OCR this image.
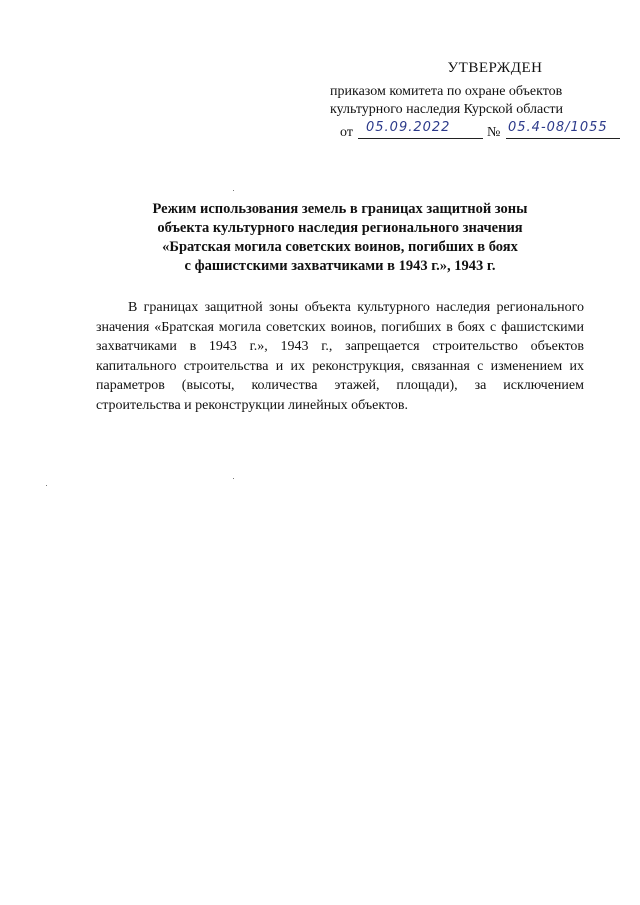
УТВЕРЖДЕН

приказом комитета по охране объектов

культурного наследия Курской области

от 05.09.2022	№ 05.4-08/1055

Режим использования земель в границах защитной зоны

объекта культурного наследия регионального значения

«Братская могила советских воинов, погибших в боях

с фашистскими захватчиками в 1943 г.», 1943 г.

В границах защитной зоны объекта культурного наследия регионального значения «Братская могила советских воинов, погибших в боях с фашистскими захватчиками в 1943 г.», 1943 г., запрещается строительство объектов капитального строительства и их реконструкция, связанная с изменением их параметров (высоты, количества этажей, площади), за исключением строительства и реконструкции линейных объектов.
